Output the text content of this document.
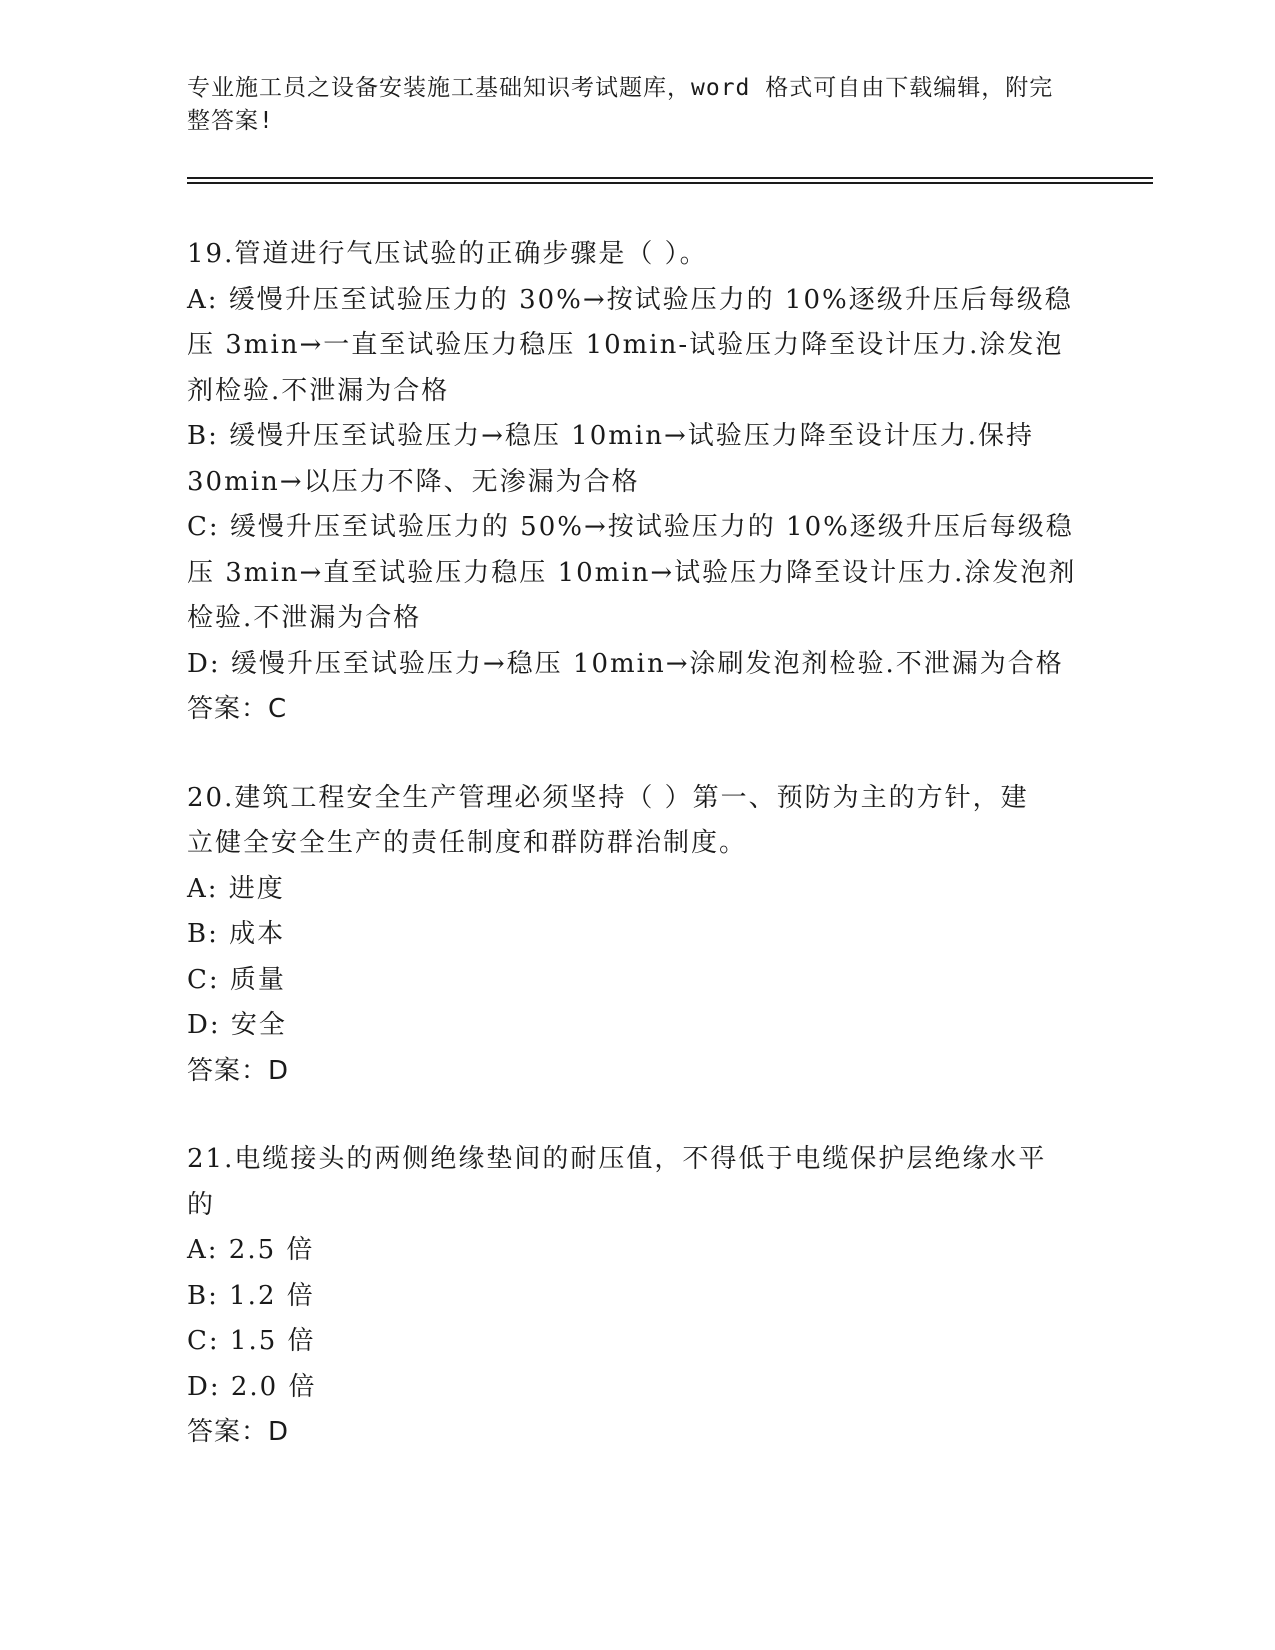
专业施工员之设备安装施工基础知识考试题库，word 格式可自由下载编辑，附完
整答案!

19.管道进行气压试验的正确步骤是（ ）。

A: 缓慢升压至试验压力的 30%→按试验压力的 10%逐级升压后每级稳

压 3min→一直至试验压力稳压 10min-试验压力降至设计压力.涂发泡

剂检验.不泄漏为合格

B: 缓慢升压至试验压力→稳压 10min→试验压力降至设计压力.保持

30min→以压力不降、无渗漏为合格

C: 缓慢升压至试验压力的 50%→按试验压力的 10%逐级升压后每级稳

压 3min→直至试验压力稳压 10min→试验压力降至设计压力.涂发泡剂

检验.不泄漏为合格

D: 缓慢升压至试验压力→稳压 10min→涂刷发泡剂检验.不泄漏为合格

答案：C

20.建筑工程安全生产管理必须坚持（ ）第一、预防为主的方针，建

立健全安全生产的责任制度和群防群治制度。

A: 进度

B: 成本

C: 质量

D: 安全

答案：D

21.电缆接头的两侧绝缘垫间的耐压值，不得低于电缆保护层绝缘水平

的

A: 2.5 倍

B: 1.2 倍

C: 1.5 倍

D: 2.0 倍

答案：D
